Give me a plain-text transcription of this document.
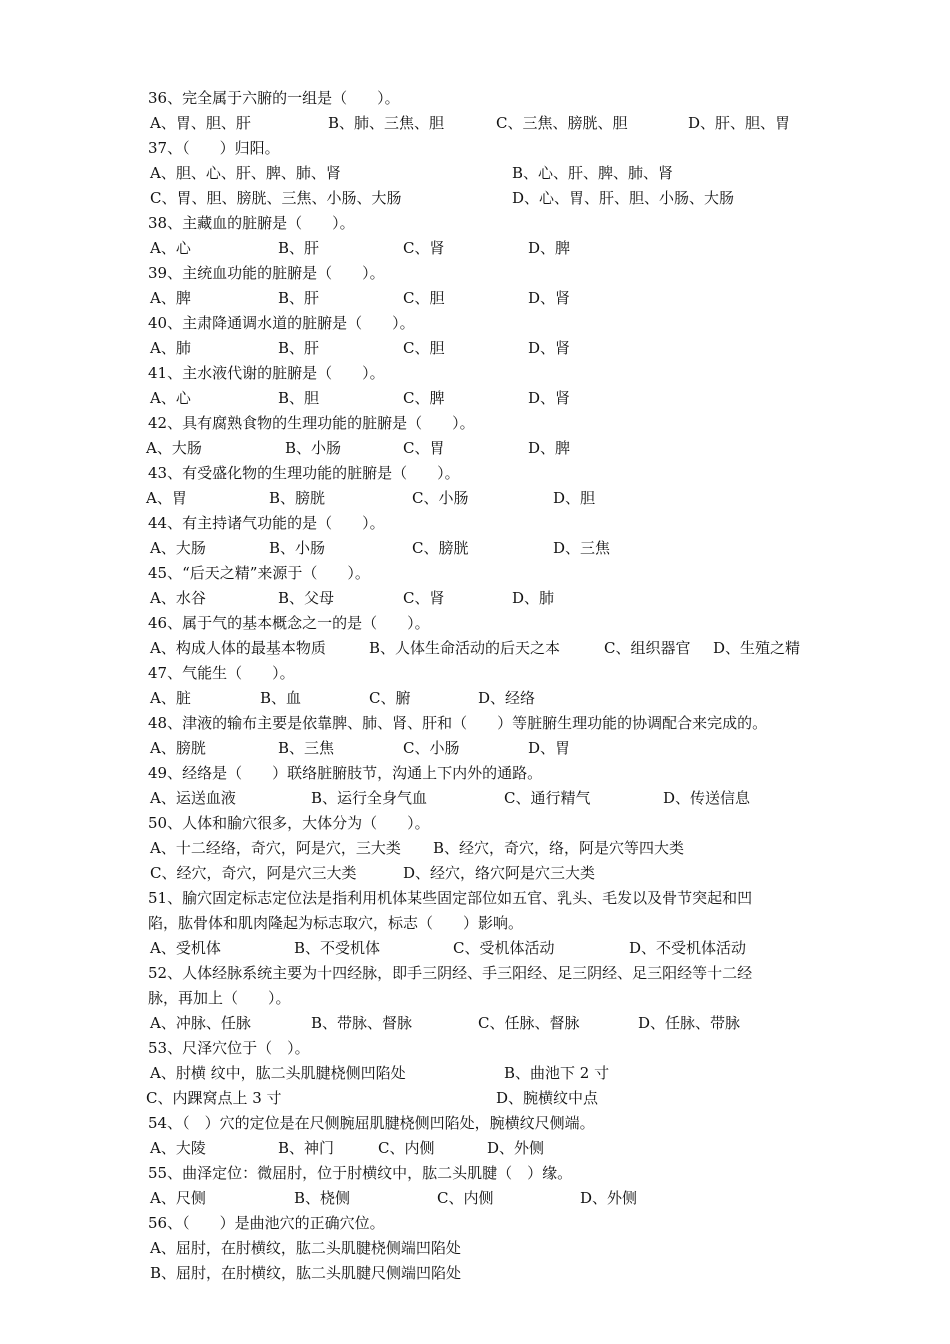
36、完全属于六腑的一组是（　　）。
A、胃、胆、肝	B、肺、三焦、胆	C、三焦、膀胱、胆	D、肝、胆、胃
37、（　　）归阳。
A、胆、心、肝、脾、肺、肾	B、心、肝、脾、肺、肾
C、胃、胆、膀胱、三焦、小肠、大肠	D、心、胃、肝、胆、小肠、大肠
38、主藏血的脏腑是（　　）。
A、心	B、肝	C、肾	D、脾
39、主统血功能的脏腑是（　　）。
A、脾	B、肝	C、胆	D、肾
40、主肃降通调水道的脏腑是（　　）。
A、肺	B、肝	C、胆	D、肾
41、主水液代谢的脏腑是（　　）。
A、心	B、胆	C、脾	D、肾
42、具有腐熟食物的生理功能的脏腑是（　　）。
A、大肠	B、小肠	C、胃	D、脾
43、有受盛化物的生理功能的脏腑是（　　）。
A、胃	B、膀胱	C、小肠	D、胆
44、有主持诸气功能的是（　　）。
A、大肠	B、小肠	C、膀胱	D、三焦
45、“后天之精”来源于（　　）。
A、水谷	B、父母	C、肾	D、肺
46、属于气的基本概念之一的是（　　）。
A、构成人体的最基本物质	B、人体生命活动的后天之本	C、组织器官 D、生殖之精
47、气能生（　　）。
A、脏	B、血	C、腑	D、经络
48、津液的输布主要是依靠脾、肺、肾、肝和（　　）等脏腑生理功能的协调配合来完成的。
A、膀胱	B、三焦	C、小肠	D、胃
49、经络是（　　）联络脏腑肢节，沟通上下内外的通路。
A、运送血液	B、运行全身气血	C、通行精气	D、传送信息
50、人体和腧穴很多，大体分为（　　）。
A、十二经络，奇穴，阿是穴，三大类 B、经穴，奇穴，络，阿是穴等四大类
C、经穴，奇穴，阿是穴三大类	D、经穴，络穴阿是穴三大类
51、腧穴固定标志定位法是指利用机体某些固定部位如五官、乳头、毛发以及骨节突起和凹
陷，肱骨体和肌肉隆起为标志取穴，标志（　　）影响。
A、受机体	B、不受机体	C、受机体活动	D、不受机体活动
52、人体经脉系统主要为十四经脉，即手三阴经、手三阳经、足三阴经、足三阳经等十二经
脉，再加上（　　）。
A、冲脉、任脉	B、带脉、督脉	C、任脉、督脉	D、任脉、带脉
53、尺泽穴位于（　）。
A、肘横 纹中，肱二头肌腱桡侧凹陷处	B、曲池下 2 寸
C、内踝窝点上 3 寸	D、腕横纹中点
54、（　）穴的定位是在尺侧腕屈肌腱桡侧凹陷处，腕横纹尺侧端。
A、大陵	B、神门	C、内侧	D、外侧
55、曲泽定位：微屈肘，位于肘横纹中，肱二头肌腱（　）缘。
A、尺侧	B、桡侧	C、内侧	D、外侧
56、（　　）是曲池穴的正确穴位。
A、屈肘，在肘横纹，肱二头肌腱桡侧端凹陷处
B、屈肘，在肘横纹，肱二头肌腱尺侧端凹陷处
